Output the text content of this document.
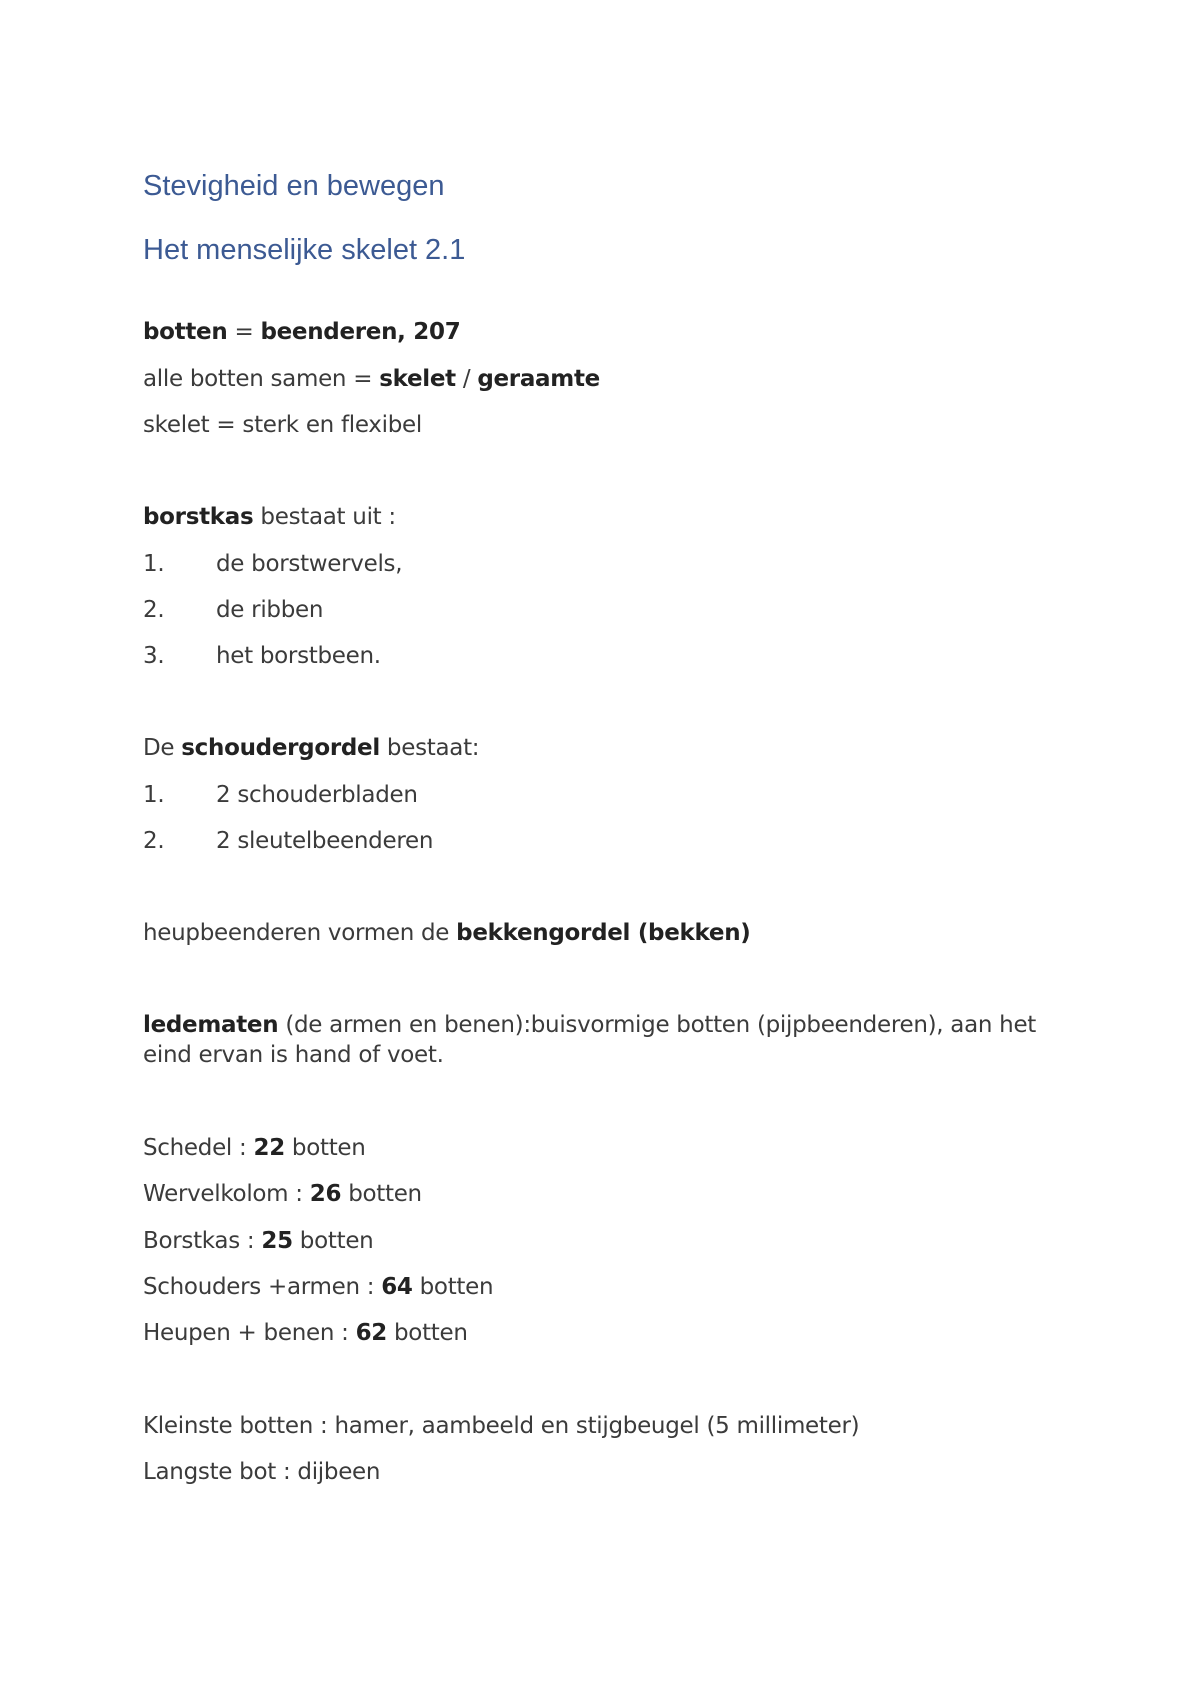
Stevigheid en bewegen
Het menselijke skelet 2.1
botten = beenderen, 207
alle botten samen = skelet / geraamte
skelet = sterk en flexibel
borstkas bestaat uit :
1. de borstwervels,
2. de ribben
3. het borstbeen.
De schoudergordel bestaat:
1. 2 schouderbladen
2. 2 sleutelbeenderen
heupbeenderen vormen de bekkengordel (bekken)
ledematen (de armen en benen):buisvormige botten (pijpbeenderen), aan het eind ervan is hand of voet.
Schedel : 22 botten
Wervelkolom : 26 botten
Borstkas : 25 botten
Schouders +armen : 64 botten
Heupen + benen : 62 botten
Kleinste botten : hamer, aambeeld en stijgbeugel (5 millimeter)
Langste bot : dijbeen
